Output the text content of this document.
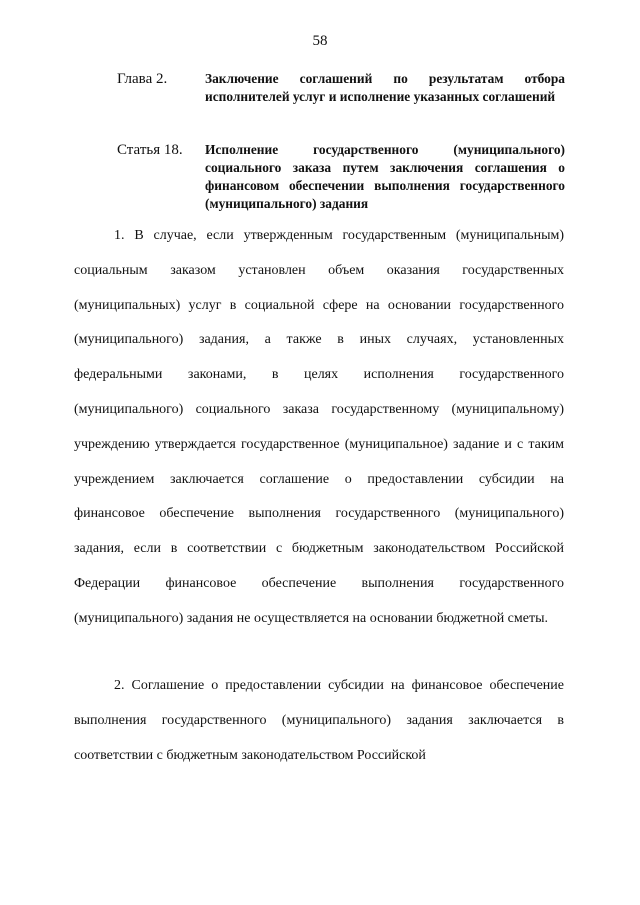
58
Глава 2.	Заключение соглашений по результатам отбора исполнителей услуг и исполнение указанных соглашений
Статья 18. Исполнение государственного (муниципального) социального заказа путем заключения соглашения о финансовом обеспечении выполнения государственного (муниципального) задания

1. В случае, если утвержденным государственным (муниципальным) социальным заказом установлен объем оказания государственных (муниципальных) услуг в социальной сфере на основании государственного (муниципального) задания, а также в иных случаях, установленных федеральными законами, в целях исполнения государственного (муниципального) социального заказа государственному (муниципальному) учреждению утверждается государственное (муниципальное) задание и с таким учреждением заключается соглашение о предоставлении субсидии на финансовое обеспечение выполнения государственного (муниципального) задания, если в соответствии с бюджетным законодательством Российской Федерации финансовое обеспечение выполнения государственного (муниципального) задания не осуществляется на основании бюджетной сметы.

2. Соглашение о предоставлении субсидии на финансовое обеспечение выполнения государственного (муниципального) задания заключается в соответствии с бюджетным законодательством Российской
